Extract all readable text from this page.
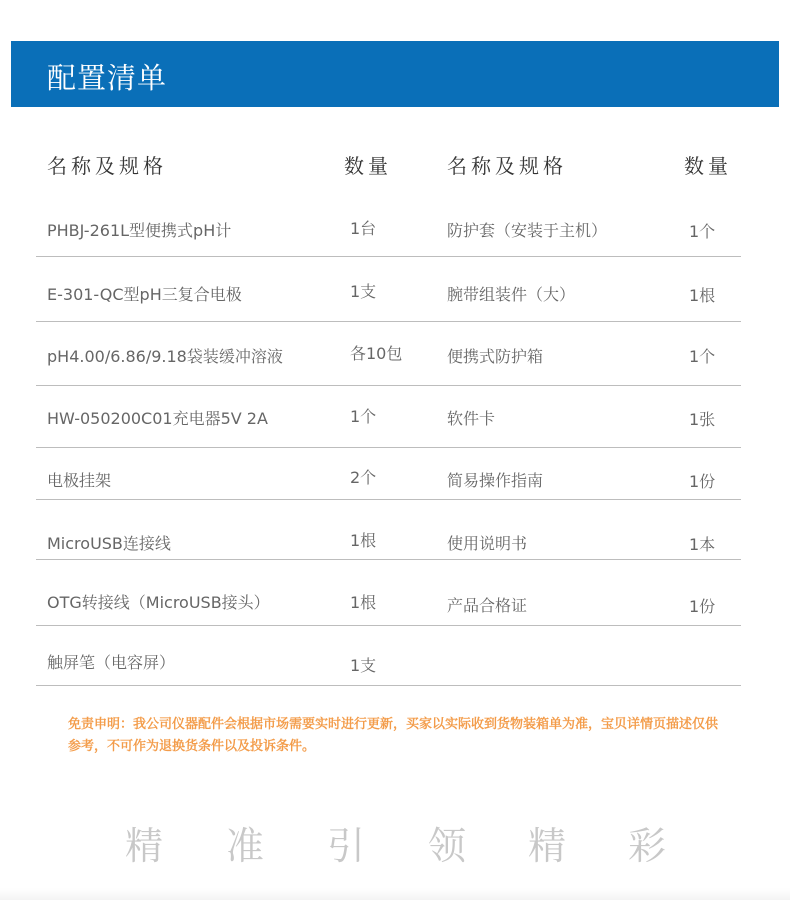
配置清单
名称及规格	数量	名称及规格	数量
PHBJ-261L型便携式pH计	1台	防护套（安装于主机）	1个
E-301-QC型pH三复合电极	1支	腕带组装件（大）	1根
pH4.00/6.86/9.18袋装缓冲溶液	各10包	便携式防护箱	1个
HW-050200C01充电器5V 2A	1个	软件卡	1张
电极挂架	2个	简易操作指南	1份
MicroUSB连接线	1根	使用说明书	1本
OTG转接线（MicroUSB接头）	1根	产品合格证	1份
触屏笔（电容屏）	1支
免责申明：我公司仪器配件会根据市场需要实时进行更新，买家以实际收到货物装箱单为准，宝贝详情页描述仅供参考，不可作为退换货条件以及投诉条件。
精 准 引 领 精 彩
